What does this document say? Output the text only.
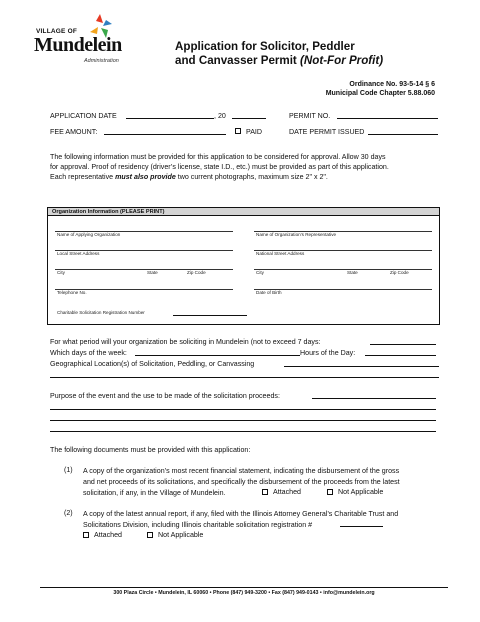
VILLAGE OF
Mundelein
Administration
Application for Solicitor, Peddler
and Canvasser Permit (Not-For Profit)
Ordinance No. 93-5-14 § 6
Municipal Code Chapter 5.88.060
APPLICATION DATE	, 20	PERMIT NO.
FEE AMOUNT:	PAID	DATE PERMIT ISSUED
The following information must be provided for this application to be considered for approval. Allow 30 days
for approval. Proof of residency (driver’s license, state I.D., etc.) must be provided as part of this application.
Each representative must also provide two current photographs, maximum size 2" x 2".
Organization Information (PLEASE PRINT)
Name of Applying Organization	Name of Organization’s Representative
Local Street Address	National Street Address
City	State	Zip Code	City	State	Zip Code
Telephone No.	Date of Birth
Charitable Solicitation Registration Number
For what period will your organization be soliciting in Mundelein (not to exceed 7 days:
Which days of the week:	Hours of the Day:
Geographical Location(s) of Solicitation, Peddling, or Canvassing
Purpose of the event and the use to be made of the solicitation proceeds:
The following documents must be provided with this application:
(1) A copy of the organization’s most recent financial statement, indicating the disbursement of the gross
and net proceeds of its solicitations, and specifically the disbursement of the proceeds from the latest
solicitation, if any, in the Village of Mundelein.	Attached	Not Applicable
(2) A copy of the latest annual report, if any, filed with the Illinois Attorney General’s Charitable Trust and
Solicitations Division, including Illinois charitable solicitation registration #
Attached	Not Applicable
300 Plaza Circle • Mundelein, IL 60060 • Phone (847) 949-3200 • Fax (847) 949-0143 • info@mundelein.org
